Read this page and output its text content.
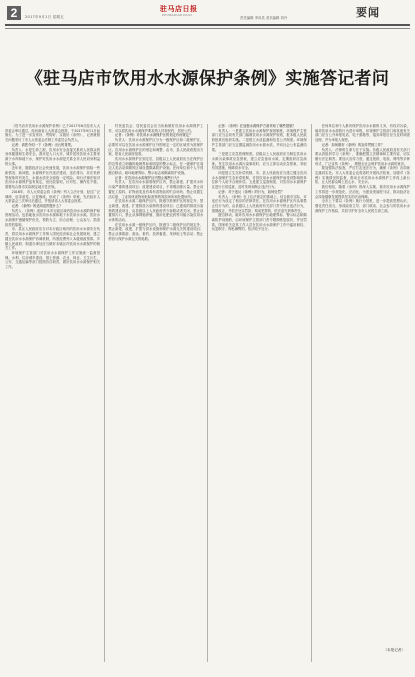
2	2017年9月1日 星期五
驻马店日报
ZHUMADIAN DAILY
责任编辑 李凤英 美术编辑 刘丹	要闻
《驻马店市饮用水水源保护条例》实施答记者问

《驻马店市饮用水水源保护条例》已于2017年6月经市人大常委会审议通过，经河南省人大常委会批准，于2017年9月1日起施行。为了进一步宣传好、贯彻好、实施好《条例》，记者就相关问题采访了市人大常委会法制工作委员会负责人。

记者：请您介绍一下《条例》出台的背景。

负责人：水是生命之源，饮用水安全直接关系到人民群众的身体健康和生命安全。我市是人口大市，城乡居民饮用水主要来源于水库和地下水，保护好饮用水水源是关系全市人民切身利益的大事。

近年来，随着经济社会快速发展，饮用水水源保护面临一些新情况、新问题，水源保护区内违法建设、违法排污、非法采砂等现象时有发生，水源水质安全面临一定风险。现行法律法规对饮用水水源保护虽有规定，但比较原则，针对性、操作性不强，需要结合我市实际制定地方性法规。

2016年，市人大常委会将《条例》列入立法计划，经过广泛调研、征求意见、反复修改，形成了《条例》草案，先后经市人大常委会三次审议后通过，并报请省人大常委会批准。

记者：《条例》的适用范围是什么？

负责人：《条例》适用于本市行政区域内饮用水水源的保护和管理活动，包括地表水饮用水水源和地下水饮用水水源。饮用水水源保护遵循保护优先、预防为主、综合治理、公众参与、损害担责的原则。

市、县区人民政府应当对本行政区域内的饮用水水源安全负责，将饮用水水源保护工作纳入国民经济和社会发展规划，建立健全饮用水水源保护协调机制，所需经费列入本级财政预算。乡镇人民政府、街道办事处应当做好本辖区内饮用水水源保护的相关工作。

环境保护主管部门对饮用水水源保护工作实施统一监督管理。水利、住房城乡建设、国土资源、农业、林业、卫生计生、公安、交通运输等部门按照各自职责，做好饮用水水源保护相关工作。

村民委员会、居民委员会应当协助做好饮用水水源保护工作，可以将饮用水水源保护要求纳入村规民约、居民公约。

记者：《条例》对饮用水水源保护区的划定有何规定？

负责人：饮用水水源保护区分为一级保护区和二级保护区，必要时可以在饮用水水源保护区外围划定一定的区域作为准保护区。饮用水水源保护区的划定和调整，由市、县人民政府提出方案，报省人民政府批准。

饮用水水源保护区划定后，县级以上人民政府应当在保护区的边界设立明确的地理界标和明显的警示标志，在一级保护区周边人类活动频繁的区域设置隔离防护设施。任何单位和个人不得擅自移动、破坏地理界标、警示标志和隔离防护设施。

记者：在饮用水水源保护区内禁止哪些行为？

负责人：在饮用水水源准保护区内，禁止新建、扩建对水体污染严重的建设项目；改建建设项目，不得增加排污量。禁止设置化工原料、矿物油类及有毒有害物品的贮存场所，禁止设置生活垃圾、工业固体废物和危险废物的堆放场所和处置场所。

在饮用水水源二级保护区内，除遵守准保护区的规定外，禁止新建、改建、扩建排放污染物的建设项目；已建成的排放污染物的建设项目，由县级以上人民政府责令拆除或者关闭。禁止设置排污口，禁止从事网箱养殖、施用化肥农药等可能污染饮用水水体的活动。

在饮用水水源一级保护区内，除遵守二级保护区的规定外，禁止新建、改建、扩建与供水设施和保护水源无关的建设项目；禁止从事旅游、游泳、垂钓、放养畜禽、采砂取土等活动；禁止停泊与保护水源无关的船舶。

记者：《条例》在加强水源保护方面采取了哪些措施？

负责人：一是建立饮用水水源保护规划制度。环境保护主管部门应当会同有关部门编制饮用水水源保护规划，报本级人民政府批准后组织实施。二是建立水质监测和信息公开制度。环境保护主管部门应当定期监测饮用水水源水质，并向社会公布监测结果。

三是建立应急管理制度。县级以上人民政府应当制定饮用水水源污染事故应急预案，建立应急备用水源，定期组织应急演练。发生饮用水水源污染事故时，应当立即启动应急预案，采取有效措施，保障供水安全。

四是建立生态补偿机制。市、县人民政府应当建立健全饮用水水源保护生态补偿机制，对因饮用水水源保护而受到影响的单位和个人给予合理补偿。五是建立巡查制度，对饮用水水源保护区进行日常巡查，及时发现和制止违法行为。

记者：对于违反《条例》的行为，如何处罚？

负责人：《条例》在上位法规定的基础上，结合我市实际，对违法行为设定了相应的法律责任。在饮用水水源保护区内从事禁止性行为的，由县级以上人民政府有关部门责令停止违法行为，限期改正，并依法处以罚款；构成犯罪的，依法追究刑事责任。

擅自移动、破坏饮用水水源保护区地理界标、警示标志和隔离防护设施的，由环境保护主管部门责令限期恢复原状，并处罚款。国家机关及其工作人员在饮用水水源保护工作中滥用职权、玩忽职守、徇私舞弊的，依法给予处分。

任何单位和个人都有保护饮用水水源的义务，有权对污染、破坏饮用水水源的行为进行举报。环境保护主管部门和其他有关部门应当公开举报电话、电子邮箱等，接到举报后应当及时调查处理，并为举报人保密。

记者：如何做好《条例》的宣传贯彻工作？

负责人：法律的生命力在于实施。各级人民政府及有关部门要认真组织学习《条例》，准确把握立法精神和主要内容，切实履行法定职责。要加大宣传力度，通过报纸、电视、网络等多种形式，广泛宣传《条例》，增强全社会保护饮用水水源的意识。

要加强执法检查，严厉打击违法行为，确保《条例》各项规定落到实处。市人大常委会也将适时开展执法检查，加强对《条例》实施情况的监督，推动全市饮用水水源保护工作再上新台阶，让人民群众喝上放心水、安全水。

我们相信，随着《条例》的深入实施，我市饮用水水源保护工作将进一步规范化、法治化，为建设美丽驻马店、推动经济社会持续健康发展提供坚实的法治保障。

全市上下要以《条例》施行为契机，进一步提高思想认识，强化责任担当，形成政府主导、部门联动、社会参与的饮用水水源保护工作格局，共同守护好全市人民的生命之源。

（本报记者）
